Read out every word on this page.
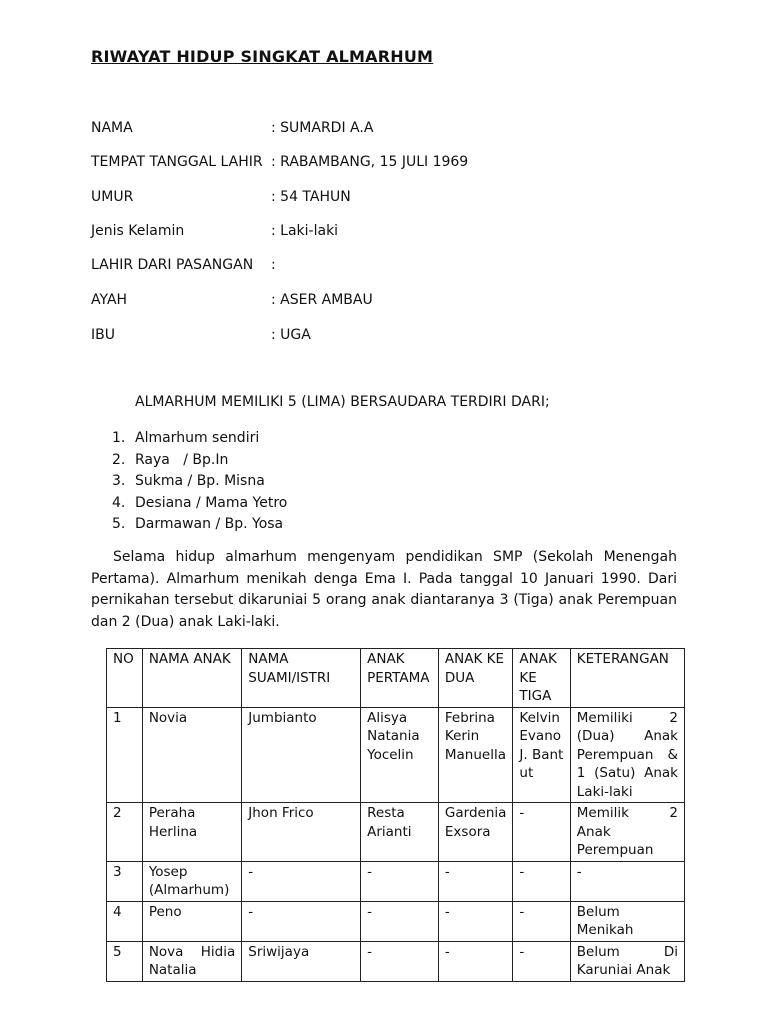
RIWAYAT HIDUP SINGKAT ALMARHUM
NAMA	: SUMARDI A.A
TEMPAT TANGGAL LAHIR : RABAMBANG, 15 JULI 1969
UMUR	: 54 TAHUN
Jenis Kelamin	: Laki-laki
LAHIR DARI PASANGAN :
AYAH	: ASER AMBAU
IBU	: UGA
ALMARHUM MEMILIKI 5 (LIMA) BERSAUDARA TERDIRI DARI;
1. Almarhum sendiri
2. Raya   / Bp.In
3. Sukma / Bp. Misna
4. Desiana / Mama Yetro
5. Darmawan / Bp. Yosa

Selama hidup almarhum mengenyam pendidikan SMP (Sekolah Menengah Pertama). Almarhum menikah denga Ema I. Pada tanggal 10 Januari 1990. Dari pernikahan tersebut dikaruniai 5 orang anak diantaranya 3 (Tiga) anak Perempuan dan 2 (Dua) anak Laki-laki.

NO	NAMA ANAK	NAMA SUAMI/ISTRI	ANAK PERTAMA	ANAK KE DUA	ANAK KE TIGA	KETERANGAN
1	Novia	Jumbianto	Alisya Natania Yocelin	Febrina Kerin Manuella	Kelvin Evano J. Bantut	Memiliki 2 (Dua) Anak Perempuan & 1 (Satu) Anak Laki-laki
2	Peraha Herlina	Jhon Frico	Resta Arianti	Gardenia Exsora	-	Memilik 2 Anak Perempuan
3	Yosep (Almarhum)	-	-	-	-	-
4	Peno	-	-	-	-	Belum Menikah
5	Nova Hidia Natalia	Sriwijaya	-	-	-	Belum Di Karuniai Anak
